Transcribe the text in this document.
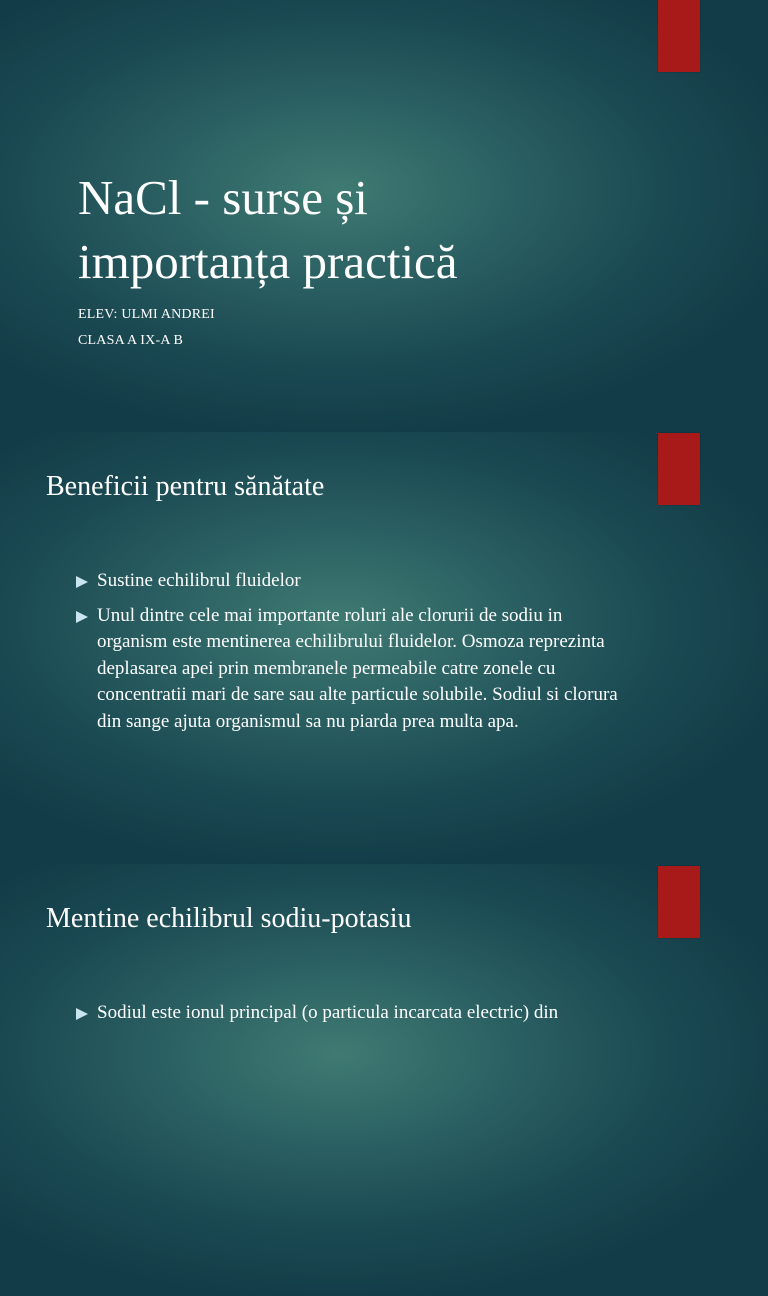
NaCl - surse și
importanța practică

ELEV: ULMI ANDREI

CLASA A IX-A B

Beneficii pentru sănătate
Sustine echilibrul fluidelor
Unul dintre cele mai importante roluri ale clorurii de sodiu in organism este mentinerea echilibrului fluidelor. Osmoza reprezinta deplasarea apei prin membranele permeabile catre zonele cu concentratii mari de sare sau alte particule solubile. Sodiul si clorura din sange ajuta organismul sa nu piarda prea multa apa.
Mentine echilibrul sodiu-potasiu
Sodiul este ionul principal (o particula incarcata electric) din
